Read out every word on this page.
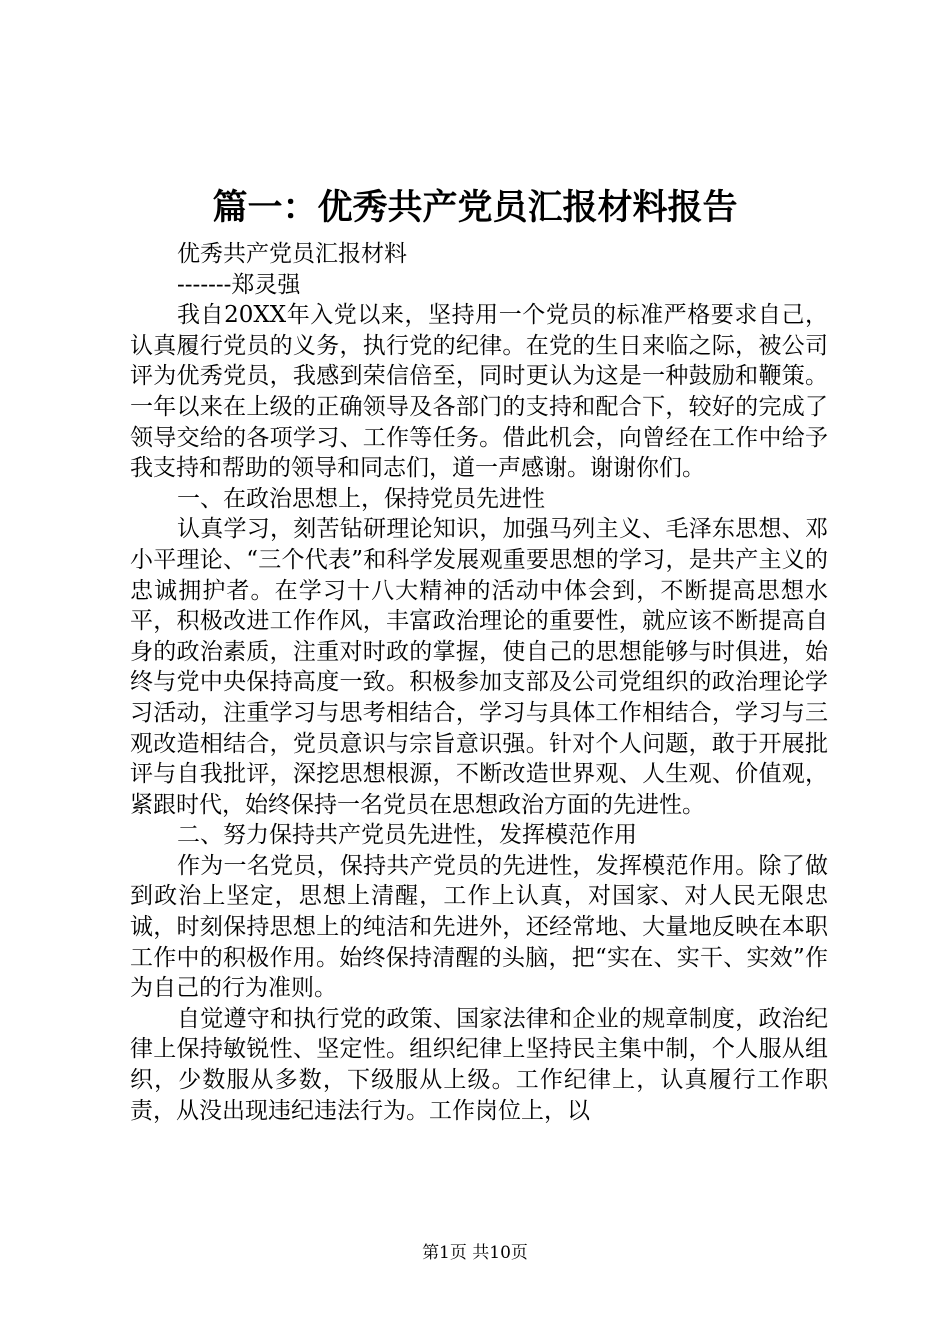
篇一：优秀共产党员汇报材料报告
优秀共产党员汇报材料
-------郑灵强

我自20XX年入党以来，坚持用一个党员的标准严格要求自己，认真履行党员的义务，执行党的纪律。在党的生日来临之际，被公司评为优秀党员，我感到荣信倍至，同时更认为这是一种鼓励和鞭策。一年以来在上级的正确领导及各部门的支持和配合下，较好的完成了领导交给的各项学习、工作等任务。借此机会，向曾经在工作中给予我支持和帮助的领导和同志们，道一声感谢。谢谢你们。

一、在政治思想上，保持党员先进性

认真学习，刻苦钻研理论知识，加强马列主义、毛泽东思想、邓小平理论、“三个代表”和科学发展观重要思想的学习，是共产主义的忠诚拥护者。在学习十八大精神的活动中体会到，不断提高思想水平，积极改进工作作风，丰富政治理论的重要性，就应该不断提高自身的政治素质，注重对时政的掌握，使自己的思想能够与时俱进，始终与党中央保持高度一致。积极参加支部及公司党组织的政治理论学习活动，注重学习与思考相结合，学习与具体工作相结合，学习与三观改造相结合，党员意识与宗旨意识强。针对个人问题，敢于开展批评与自我批评，深挖思想根源，不断改造世界观、人生观、价值观，紧跟时代，始终保持一名党员在思想政治方面的先进性。

二、努力保持共产党员先进性，发挥模范作用

作为一名党员，保持共产党员的先进性，发挥模范作用。除了做到政治上坚定，思想上清醒，工作上认真，对国家、对人民无限忠诚，时刻保持思想上的纯洁和先进外，还经常地、大量地反映在本职工作中的积极作用。始终保持清醒的头脑，把“实在、实干、实效”作为自己的行为准则。

自觉遵守和执行党的政策、国家法律和企业的规章制度，政治纪律上保持敏锐性、坚定性。组织纪律上坚持民主集中制，个人服从组织，少数服从多数，下级服从上级。工作纪律上，认真履行工作职责，从没出现违纪违法行为。工作岗位上，以

第1页 共10页
